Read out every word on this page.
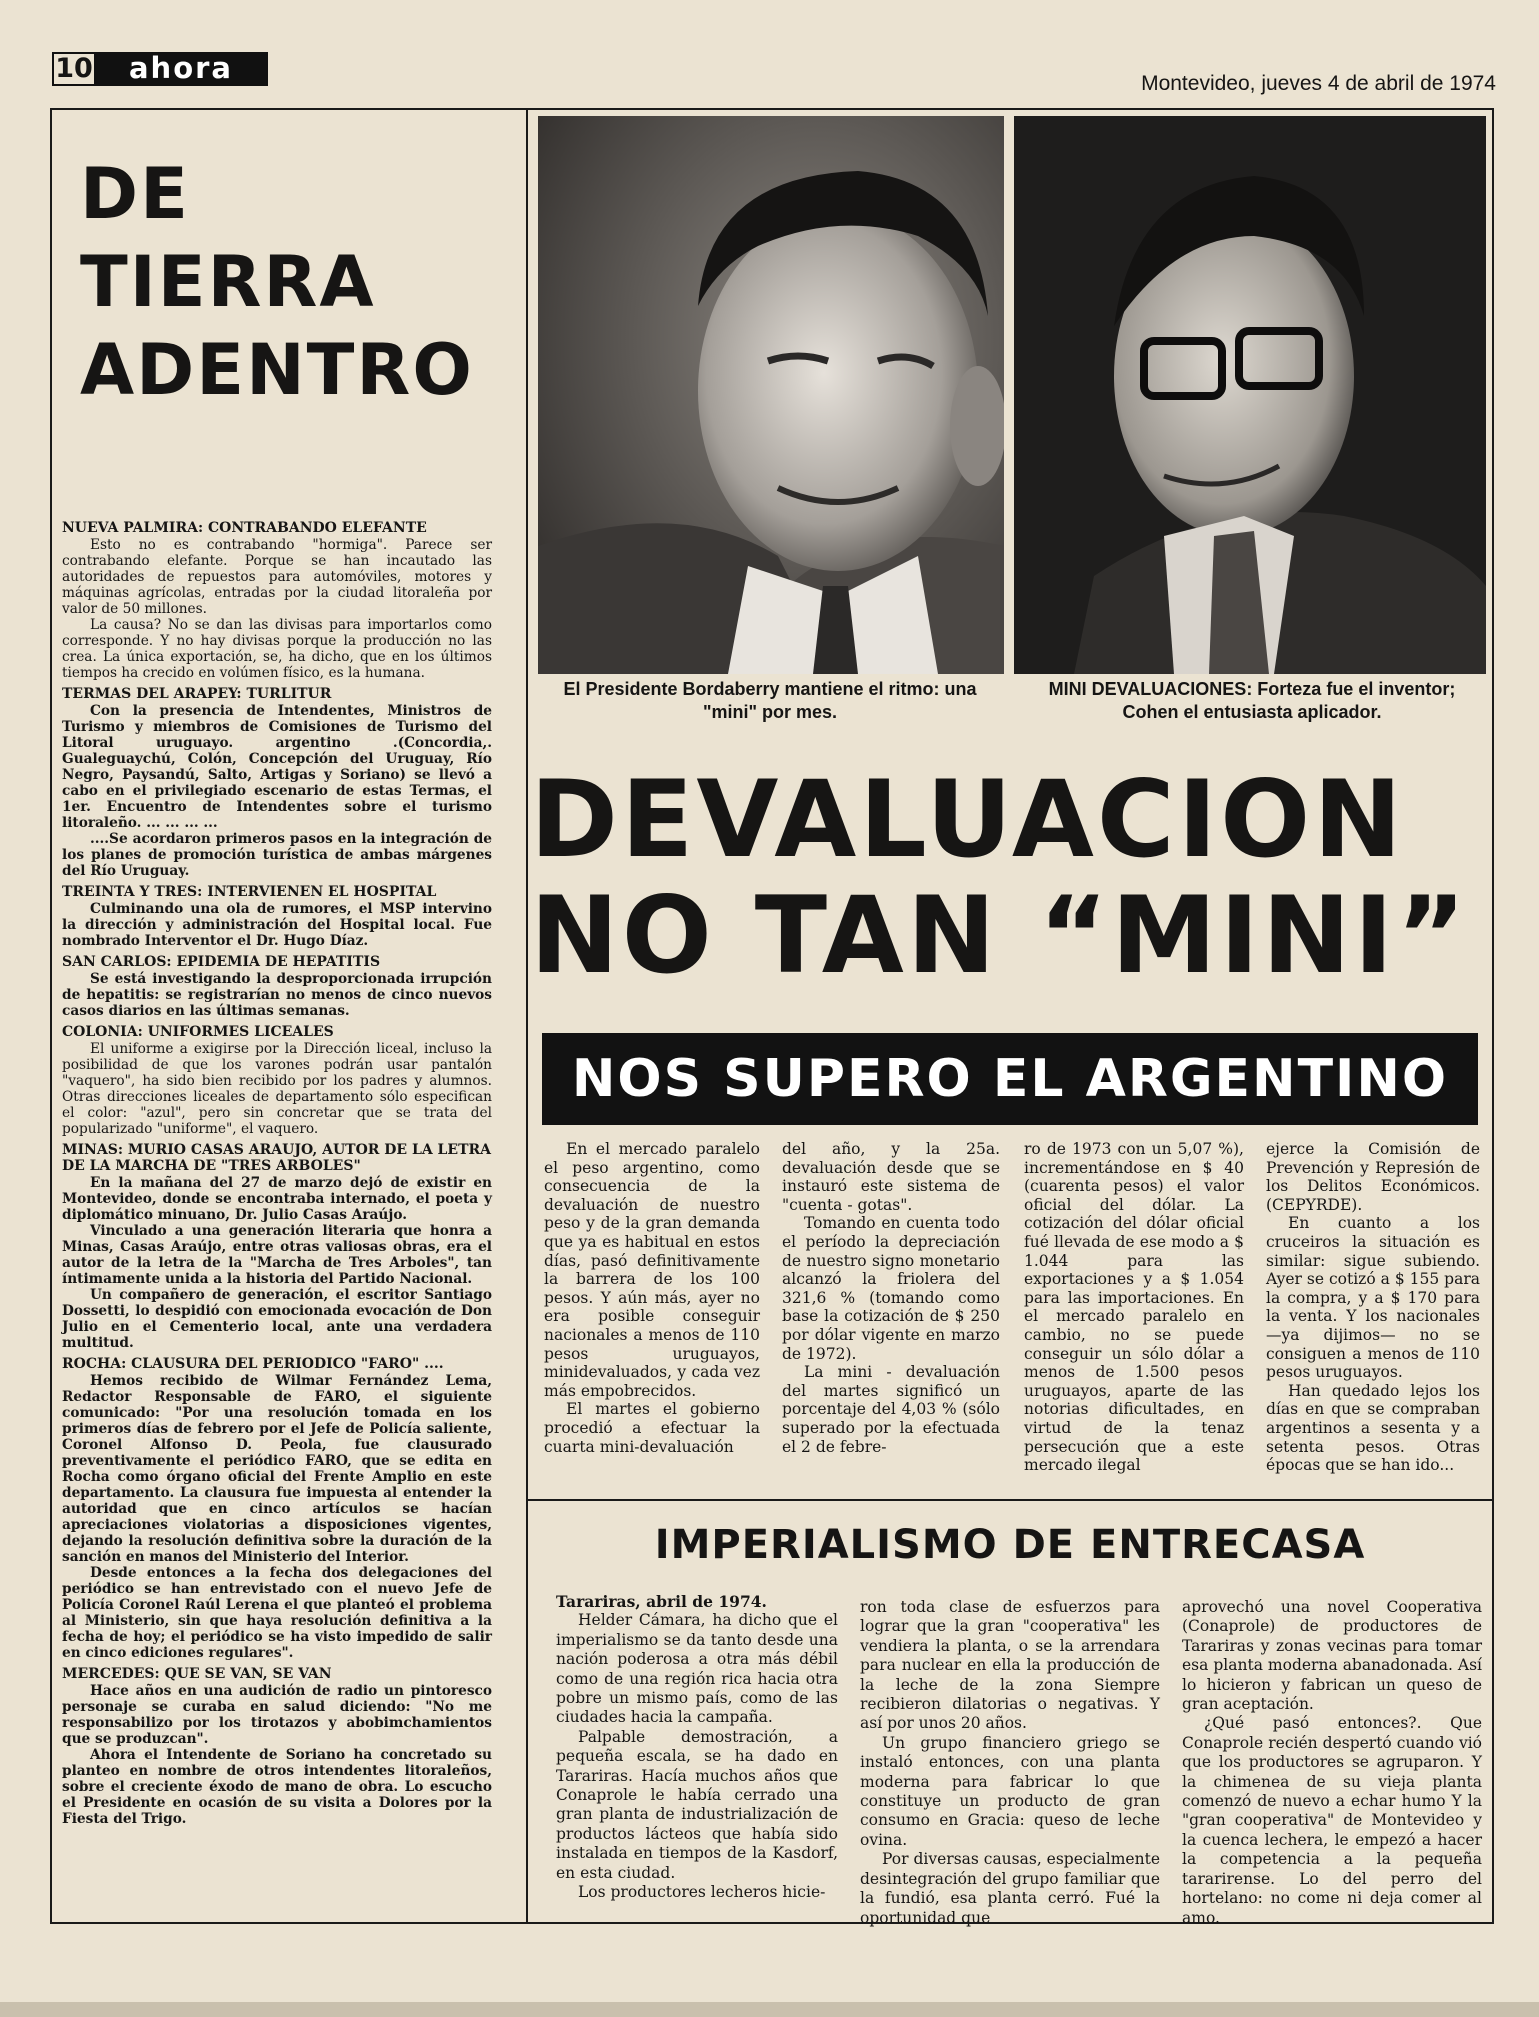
10	ahora	Montevideo, jueves 4 de abril de 1974
DE
TIERRA
ADENTRO
NUEVA PALMIRA: CONTRABANDO ELEFANTE

Esto no es contrabando "hormiga". Parece ser contrabando elefante. Porque se han incautado las autoridades de repuestos para automóviles, motores y máquinas agrícolas, entradas por la ciudad litoraleña por valor de 50 millones.

La causa? No se dan las divisas para importarlos como corresponde. Y no hay divisas porque la producción no las crea. La única exportación, se, ha dicho, que en los últimos tiempos ha crecido en volúmen físico, es la humana.

TERMAS DEL ARAPEY: TURLITUR

Con la presencia de Intendentes, Ministros de Turismo y miembros de Comisiones de Turismo del Litoral uruguayo. argentino .(Concordia,. Gualeguaychú, Colón, Concepción del Uruguay, Río Negro, Paysandú, Salto, Artigas y Soriano) se llevó a cabo en el privilegiado escenario de estas Termas, el 1er. Encuentro de Intendentes sobre el turismo litoraleño. ... ... ... ...

....Se acordaron primeros pasos en la integración de los planes de promoción turística de ambas márgenes del Río Uruguay.

TREINTA Y TRES: INTERVIENEN EL HOSPITAL

Culminando una ola de rumores, el MSP intervino la dirección y administración del Hospital local. Fue nombrado Interventor el Dr. Hugo Díaz.

SAN CARLOS: EPIDEMIA DE HEPATITIS

Se está investigando la desproporcionada irrupción de hepatitis: se registrarían no menos de cinco nuevos casos diarios en las últimas semanas.

COLONIA: UNIFORMES LICEALES

El uniforme a exigirse por la Dirección liceal, incluso la posibilidad de que los varones podrán usar pantalón "vaquero", ha sido bien recibido por los padres y alumnos. Otras direcciones liceales de departamento sólo especifican el color: "azul", pero sin concretar que se trata del popularizado "uniforme", el vaquero.

MINAS: MURIO CASAS ARAUJO, AUTOR DE LA LETRA DE LA MARCHA DE "TRES ARBOLES"

En la mañana del 27 de marzo dejó de existir en Montevideo, donde se encontraba internado, el poeta y diplomático minuano, Dr. Julio Casas Araújo.

Vinculado a una generación literaria que honra a Minas, Casas Araújo, entre otras valiosas obras, era el autor de la letra de la "Marcha de Tres Arboles", tan íntimamente unida a la historia del Partido Nacional.

Un compañero de generación, el escritor Santiago Dossetti, lo despidió con emocionada evocación de Don Julio en el Cementerio local, ante una verdadera multitud.

ROCHA: CLAUSURA DEL PERIODICO "FARO" ....

Hemos recibido de Wilmar Fernández Lema, Redactor Responsable de FARO, el siguiente comunicado: "Por una resolución tomada en los primeros días de febrero por el Jefe de Policía saliente, Coronel Alfonso D. Peola, fue clausurado preventivamente el periódico FARO, que se edita en Rocha como órgano oficial del Frente Amplio en este departamento. La clausura fue impuesta al entender la autoridad que en cinco artículos se hacían apreciaciones violatorias a disposiciones vigentes, dejando la resolución definitiva sobre la duración de la sanción en manos del Ministerio del Interior.

Desde entonces a la fecha dos delegaciones del periódico se han entrevistado con el nuevo Jefe de Policía Coronel Raúl Lerena el que planteó el problema al Ministerio, sin que haya resolución definitiva a la fecha de hoy; el periódico se ha visto impedido de salir en cinco ediciones regulares".

MERCEDES: QUE SE VAN, SE VAN

Hace años en una audición de radio un pintoresco personaje se curaba en salud diciendo: "No me responsabilizo por los tirotazos y abobimchamientos que se produzcan".

Ahora el Intendente de Soriano ha concretado su planteo en nombre de otros intendentes litoraleños, sobre el creciente éxodo de mano de obra. Lo escucho el Presidente en ocasión de su visita a Dolores por la Fiesta del Trigo.

El Presidente Bordaberry mantiene el ritmo: una "mini" por mes.
MINI DEVALUACIONES: Forteza fue el inventor; Cohen el entusiasta aplicador.
DEVALUACION
NO TAN “MINI”
NOS SUPERO EL ARGENTINO

En el mercado paralelo el peso argentino, como consecuencia de la devaluación de nuestro peso y de la gran demanda que ya es habitual en estos días, pasó definitivamente la barrera de los 100 pesos. Y aún más, ayer no era posible conseguir nacionales a menos de 110 pesos uruguayos, minidevaluados, y cada vez más empobrecidos.

El martes el gobierno procedió a efectuar la cuarta mini-devaluación

del año, y la 25a. devaluación desde que se instauró este sistema de "cuenta - gotas".

Tomando en cuenta todo el período la depreciación de nuestro signo monetario alcanzó la friolera del 321,6 % (tomando como base la cotización de $ 250 por dólar vigente en marzo de 1972).

La mini - devaluación del martes significó un porcentaje del 4,03 % (sólo superado por la efectuada el 2 de febre-

ro de 1973 con un 5,07 %), incrementándose en $ 40 (cuarenta pesos) el valor oficial del dólar. La cotización del dólar oficial fué llevada de ese modo a $ 1.044 para las exportaciones y a $ 1.054 para las importaciones. En el mercado paralelo en cambio, no se puede conseguir un sólo dólar a menos de 1.500 pesos uruguayos, aparte de las notorias dificultades, en virtud de la tenaz persecución que a este mercado ilegal

ejerce la Comisión de Prevención y Represión de los Delitos Económicos. (CEPYRDE).

En cuanto a los cruceiros la situación es similar: sigue subiendo. Ayer se cotizó a $ 155 para la compra, y a $ 170 para la venta. Y los nacionales —ya dijimos— no se consiguen a menos de 110 pesos uruguayos.

Han quedado lejos los días en que se compraban argentinos a sesenta y a setenta pesos. Otras épocas que se han ido...

IMPERIALISMO DE ENTRECASA

Tarariras, abril de 1974.

Helder Cámara, ha dicho que el imperialismo se da tanto desde una nación poderosa a otra más débil como de una región rica hacia otra pobre un mismo país, como de las ciudades hacia la campaña.

Palpable demostración, a pequeña escala, se ha dado en Tarariras. Hacía muchos años que Conaprole le había cerrado una gran planta de industrialización de productos lácteos que había sido instalada en tiempos de la Kasdorf, en esta ciudad.

Los productores lecheros hicie-

ron toda clase de esfuerzos para lograr que la gran "cooperativa" les vendiera la planta, o se la arrendara para nuclear en ella la producción de la leche de la zona Siempre recibieron dilatorias o negativas. Y así por unos 20 años.

Un grupo financiero griego se instaló entonces, con una planta moderna para fabricar lo que constituye un producto de gran consumo en Gracia: queso de leche ovina.

Por diversas causas, especialmente desintegración del grupo familiar que la fundió, esa planta cerró. Fué la oportunidad que

aprovechó una novel Cooperativa (Conaprole) de productores de Tarariras y zonas vecinas para tomar esa planta moderna abanadonada. Así lo hicieron y fabrican un queso de gran aceptación.

¿Qué pasó entonces?. Que Conaprole recién despertó cuando vió que los productores se agruparon. Y la chimenea de su vieja planta comenzó de nuevo a echar humo Y la "gran cooperativa" de Montevideo y la cuenca lechera, le empezó a hacer la competencia a la pequeña tararirense. Lo del perro del hortelano: no come ni deja comer al amo.
